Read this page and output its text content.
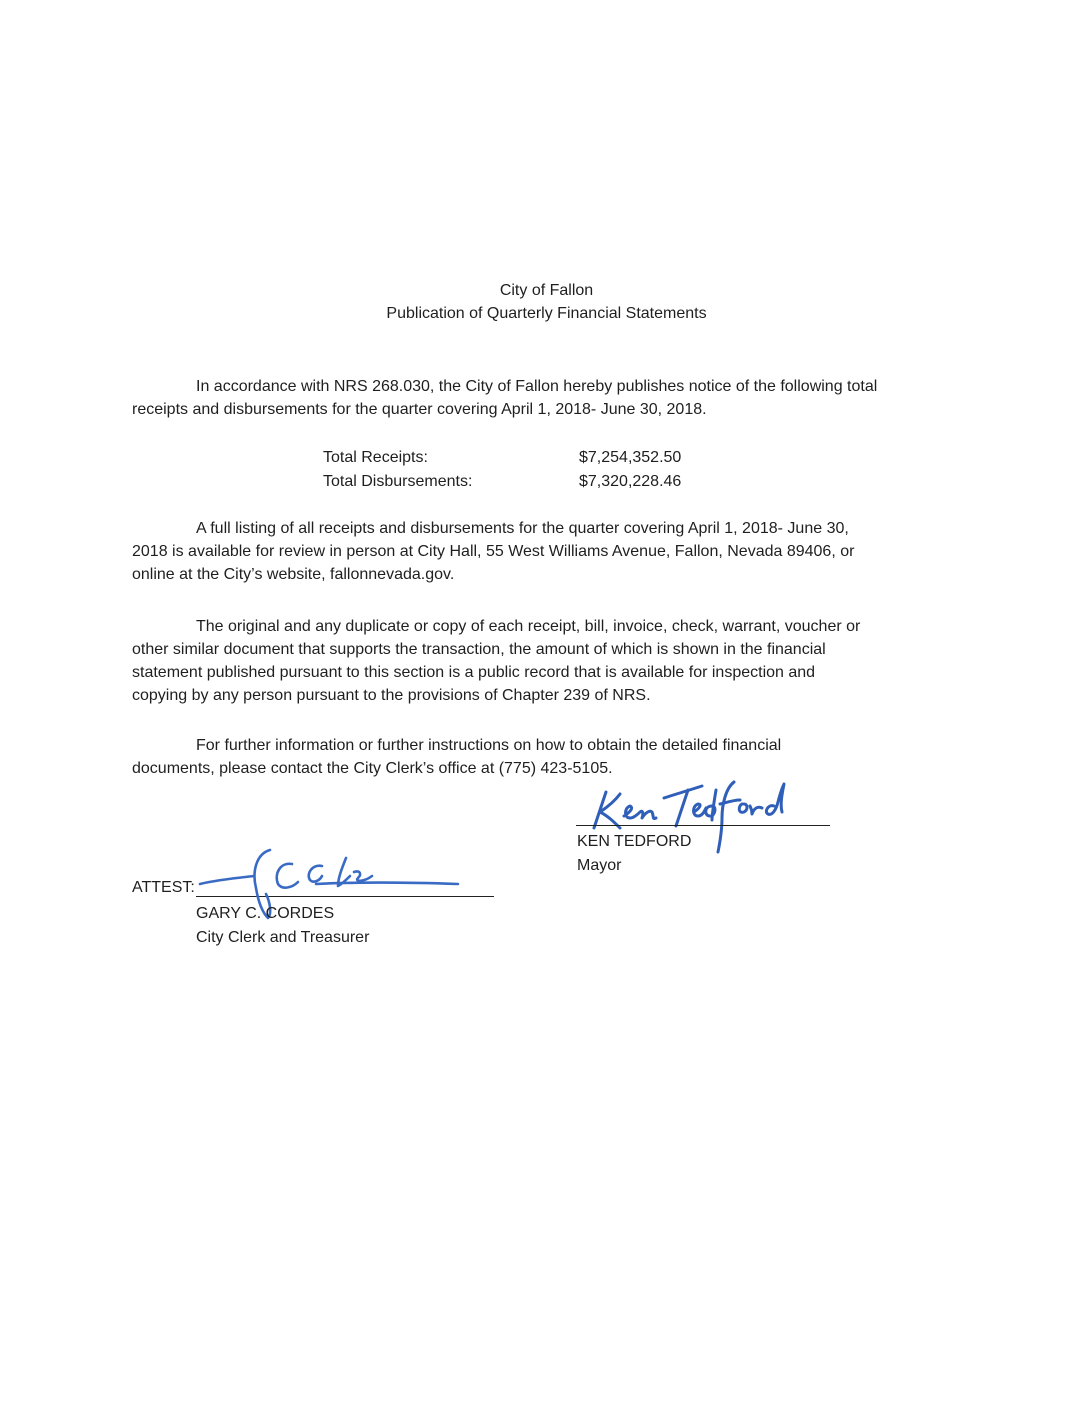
City of Fallon
Publication of Quarterly Financial Statements
In accordance with NRS 268.030, the City of Fallon hereby publishes notice of the following total
receipts and disbursements for the quarter covering April 1, 2018- June 30, 2018.
Total Receipts:	$7,254,352.50
Total Disbursements:	$7,320,228.46
A full listing of all receipts and disbursements for the quarter covering April 1, 2018- June 30,
2018 is available for review in person at City Hall, 55 West Williams Avenue, Fallon, Nevada 89406, or
online at the City’s website, fallonnevada.gov.
The original and any duplicate or copy of each receipt, bill, invoice, check, warrant, voucher or
other similar document that supports the transaction, the amount of which is shown in the financial
statement published pursuant to this section is a public record that is available for inspection and
copying by any person pursuant to the provisions of Chapter 239 of NRS.
For further information or further instructions on how to obtain the detailed financial
documents, please contact the City Clerk’s office at (775) 423-5105.
KEN TEDFORD
Mayor
ATTEST:
GARY C. CORDES
City Clerk and Treasurer
